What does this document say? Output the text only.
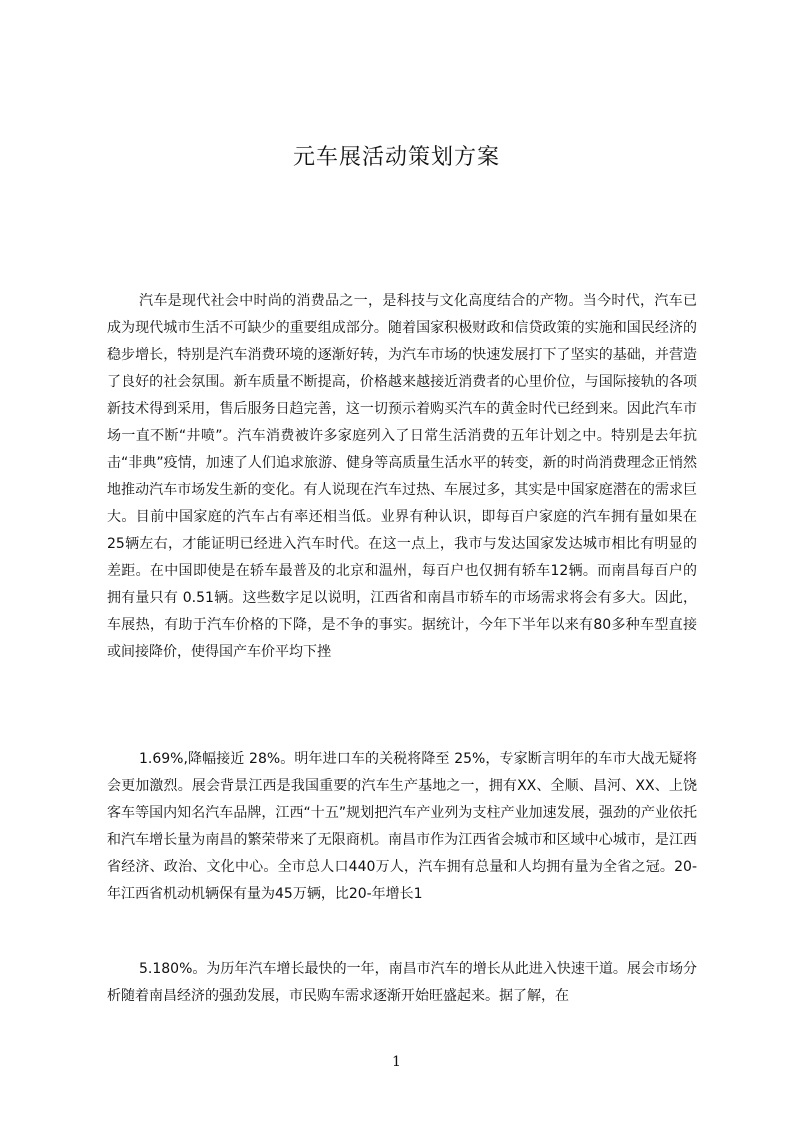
元车展活动策划方案

汽车是现代社会中时尚的消费品之一，是科技与文化高度结合的产物。当今时代，汽车已成为现代城市生活不可缺少的重要组成部分。随着国家积极财政和信贷政策的实施和国民经济的稳步增长，特别是汽车消费环境的逐渐好转，为汽车市场的快速发展打下了坚实的基础，并营造了良好的社会氛围。新车质量不断提高，价格越来越接近消费者的心里价位，与国际接轨的各项新技术得到采用，售后服务日趋完善，这一切预示着购买汽车的黄金时代已经到来。因此汽车市场一直不断“井喷”。汽车消费被许多家庭列入了日常生活消费的五年计划之中。特别是去年抗击“非典”疫情，加速了人们追求旅游、健身等高质量生活水平的转变，新的时尚消费理念正悄然地推动汽车市场发生新的变化。有人说现在汽车过热、车展过多，其实是中国家庭潜在的需求巨大。目前中国家庭的汽车占有率还相当低。业界有种认识，即每百户家庭的汽车拥有量如果在25辆左右，才能证明已经进入汽车时代。在这一点上，我市与发达国家发达城市相比有明显的差距。在中国即使是在轿车最普及的北京和温州，每百户也仅拥有轿车12辆。而南昌每百户的拥有量只有 0.51辆。这些数字足以说明，江西省和南昌市轿车的市场需求将会有多大。因此，车展热，有助于汽车价格的下降，是不争的事实。据统计，今年下半年以来有80多种车型直接或间接降价，使得国产车价平均下挫

1.69%,降幅接近 28%。明年进口车的关税将降至 25%，专家断言明年的车市大战无疑将会更加激烈。展会背景江西是我国重要的汽车生产基地之一，拥有XX、全顺、昌河、XX、上饶客车等国内知名汽车品牌，江西“十五”规划把汽车产业列为支柱产业加速发展，强劲的产业依托和汽车增长量为南昌的繁荣带来了无限商机。南昌市作为江西省会城市和区域中心城市，是江西省经济、政治、文化中心。全市总人口440万人，汽车拥有总量和人均拥有量为全省之冠。20-年江西省机动机辆保有量为45万辆，比20-年增长1

5.180%。为历年汽车增长最快的一年，南昌市汽车的增长从此进入快速干道。展会市场分析随着南昌经济的强劲发展，市民购车需求逐渐开始旺盛起来。据了解，在

1
